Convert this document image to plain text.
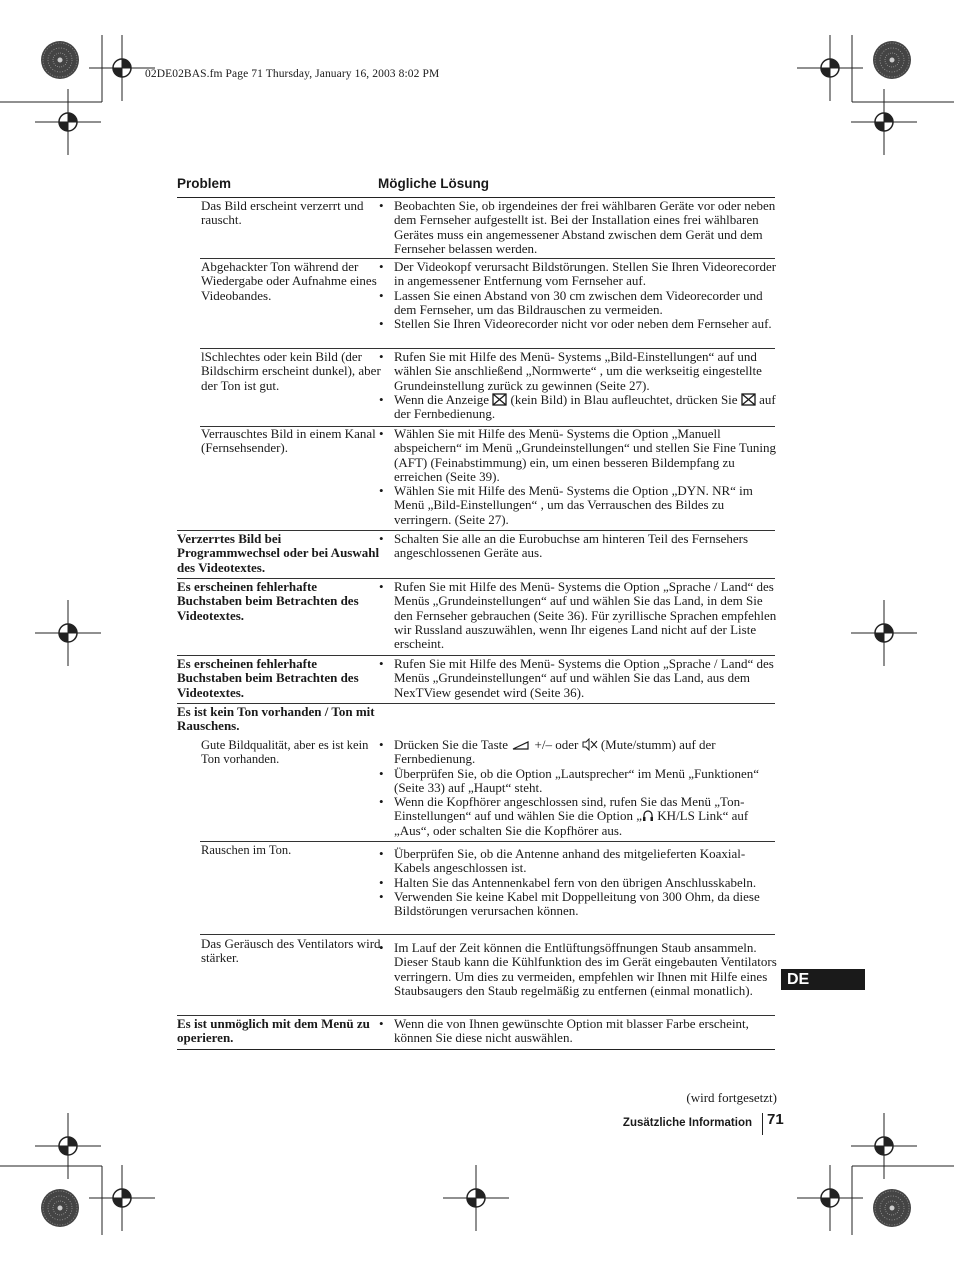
02DE02BAS.fm Page 71 Thursday, January 16, 2003 8:02 PM
Problem	Mögliche Lösung
Das Bild erscheint verzerrt und rauscht.
• Beobachten Sie, ob irgendeines der frei wählbaren Geräte vor oder neben dem Fernseher aufgestellt ist. Bei der Installation eines frei wählbaren Gerätes muss ein angemessener Abstand zwischen dem Gerät und dem Fernseher belassen werden.
Abgehackter Ton während der Wiedergabe oder Aufnahme eines Videobandes.
• Der Videokopf verursacht Bildstörungen. Stellen Sie Ihren Videorecorder in angemessener Entfernung vom Fernseher auf.
• Lassen Sie einen Abstand von 30 cm zwischen dem Videorecorder und dem Fernseher, um das Bildrauschen zu vermeiden.
• Stellen Sie Ihren Videorecorder nicht vor oder neben dem Fernseher auf.
lSchlechtes oder kein Bild (der Bildschirm erscheint dunkel), aber der Ton ist gut.
• Rufen Sie mit Hilfe des Menü- Systems „Bild-Einstellungen“ auf und wählen Sie anschließend „Normwerte“ , um die werkseitig eingestellte Grundeinstellung zurück zu gewinnen (Seite 27).
• Wenn die Anzeige  (kein Bild) in Blau aufleuchtet, drücken Sie  auf der Fernbedienung.
Verrauschtes Bild in einem Kanal (Fernsehsender).
• Wählen Sie mit Hilfe des Menü- Systems die Option „Manuell abspeichern“ im Menü „Grundeinstellungen“ und stellen Sie Fine Tuning (AFT) (Feinabstimmung) ein, um einen besseren Bildempfang zu erreichen (Seite 39).
• Wählen Sie mit Hilfe des Menü- Systems die Option „DYN. NR“ im Menü „Bild-Einstellungen“ , um das Verrauschen des Bildes zu verringern. (Seite 27).
Verzerrtes Bild bei Programmwechsel oder bei Auswahl des Videotextes.
• Schalten Sie alle an die Eurobuchse am hinteren Teil des Fernsehers angeschlossenen Geräte aus.
Es erscheinen fehlerhafte Buchstaben beim Betrachten des Videotextes.
• Rufen Sie mit Hilfe des Menü- Systems die Option „Sprache / Land“ des Menüs „Grundeinstellungen“ auf und wählen Sie das Land, in dem Sie den Fernseher gebrauchen (Seite 36). Für zyrillische Sprachen empfehlen wir Russland auszuwählen, wenn Ihr eigenes Land nicht auf der Liste erscheint.
Es erscheinen fehlerhafte Buchstaben beim Betrachten des Videotextes.
• Rufen Sie mit Hilfe des Menü- Systems die Option „Sprache / Land“ des Menüs „Grundeinstellungen“ auf und wählen Sie das Land, aus dem NexTView gesendet wird (Seite 36).
Es ist kein Ton vorhanden / Ton mit Rauschens.
Gute Bildqualität, aber es ist kein Ton vorhanden.
• Drücken Sie die Taste  +/– oder  (Mute/stumm) auf der Fernbedienung.
• Überprüfen Sie, ob die Option „Lautsprecher“ im Menü „Funktionen“ (Seite 33) auf „Haupt“ steht.
• Wenn die Kopfhörer angeschlossen sind, rufen Sie das Menü „Ton-Einstellungen“ auf und wählen Sie die Option „ KH/LS Link“ auf „Aus“, oder schalten Sie die Kopfhörer aus.
Rauschen im Ton.
•	Überprüfen Sie, ob die Antenne anhand des mitgelieferten Koaxial- Kabels angeschlossen ist.
• Halten Sie das Antennenkabel fern von den übrigen Anschlusskabeln.
• Verwenden Sie keine Kabel mit Doppelleitung von 300 Ohm, da diese Bildstörungen verursachen können.
Das Geräusch des Ventilators wird stärker.
• Im Lauf der Zeit können die Entlüftungsöffnungen Staub ansammeln. Dieser Staub kann die Kühlfunktion des im Gerät eingebauten Ventilators verringern. Um dies zu vermeiden, empfehlen wir Ihnen mit Hilfe eines Staubsaugers den Staub regelmäßig zu entfernen (einmal monatlich).
Es ist unmöglich mit dem Menü zu operieren.
• Wenn die von Ihnen gewünschte Option mit blasser Farbe erscheint, können Sie diese nicht auswählen.
DE
(wird fortgesetzt)
Zusätzliche Information 71
